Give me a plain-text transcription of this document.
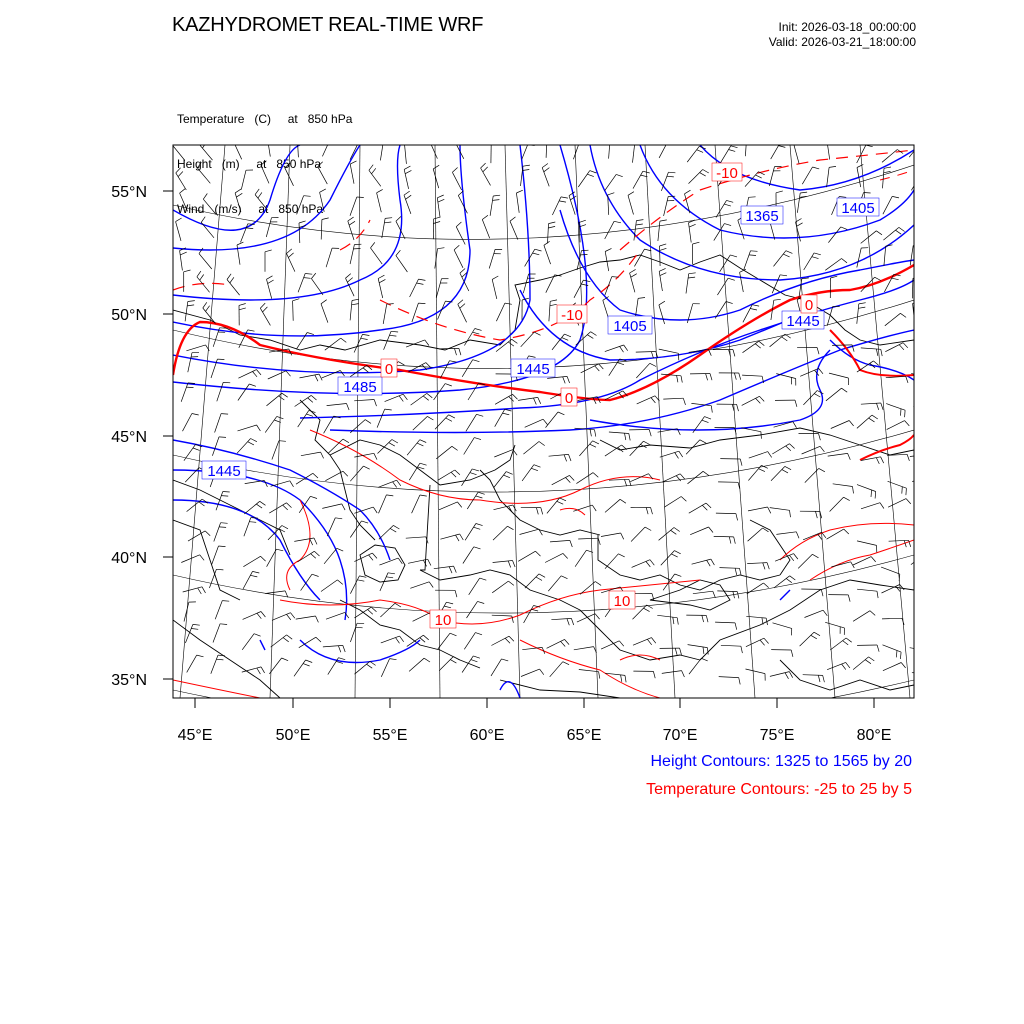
KAZHYDROMET REAL-TIME WRF	Init: 2026-03-18_00:00:00
Valid: 2026-03-21_18:00:00

Temperature   (C)     at   850 hPa

Height   (m)     at   850 hPa

Wind   (m/s)     at   850 hPa	1365	1405
1405	1445
1445
1445
1485
-10
-10
0
0
0
10
10
55°N
50°N
45°N
40°N
35°N
45°E	50°E	55°E	60°E	65°E	70°E	75°E	80°E
Height Contours: 1325 to 1565 by 20
Temperature Contours: -25 to 25 by 5
